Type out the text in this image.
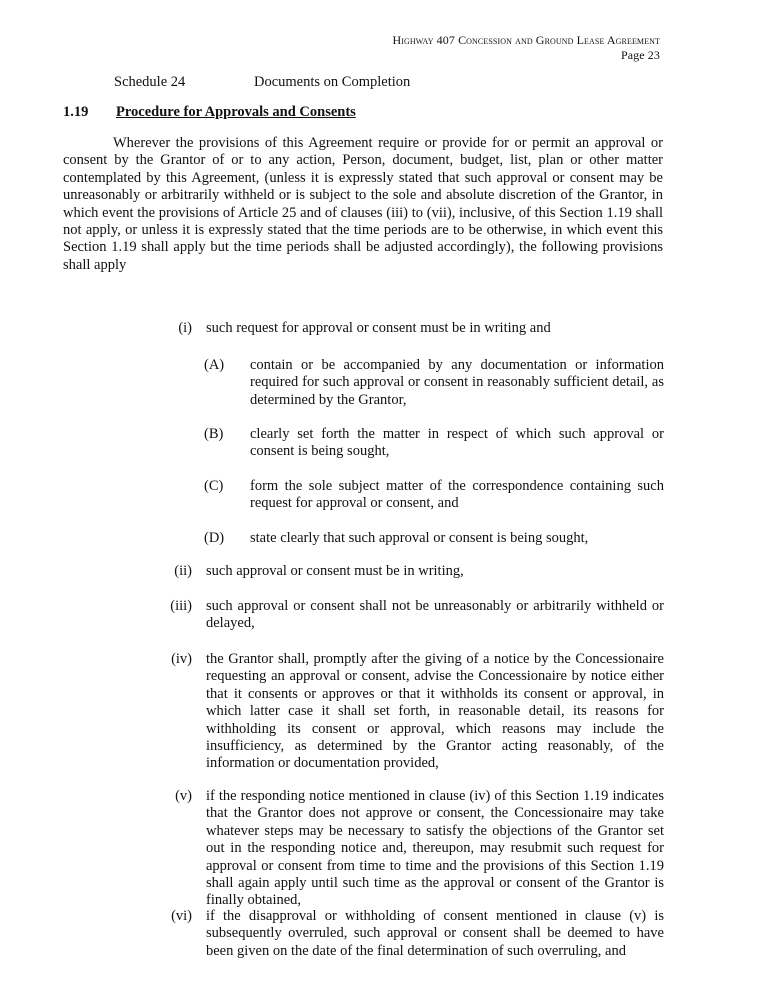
Highway 407 Concession and Ground Lease Agreement
Page 23
Schedule 24	Documents on Completion
1.19 Procedure for Approvals and Consents

Wherever the provisions of this Agreement require or provide for or permit an approval or consent by the Grantor of or to any action, Person, document, budget, list, plan or other matter contemplated by this Agreement, (unless it is expressly stated that such approval or consent may be unreasonably or arbitrarily withheld or is subject to the sole and absolute discretion of the Grantor, in which event the provisions of Article 25 and of clauses (iii) to (vii), inclusive, of this Section 1.19 shall not apply, or unless it is expressly stated that the time periods are to be otherwise, in which event this Section 1.19 shall apply but the time periods shall be adjusted accordingly), the following provisions shall apply

(i) such request for approval or consent must be in writing and
(A)	contain or be accompanied by any documentation or information required for such approval or consent in reasonably sufficient detail, as determined by the Grantor,
(B)	clearly set forth the matter in respect of which such approval or consent is being sought,
(C)	form the sole subject matter of the correspondence containing such request for approval or consent, and
(D)	state clearly that such approval or consent is being sought,
(ii) such approval or consent must be in writing,
(iii) such approval or consent shall not be unreasonably or arbitrarily withheld or delayed,
(iv) the Grantor shall, promptly after the giving of a notice by the Concessionaire requesting an approval or consent, advise the Concessionaire by notice either that it consents or approves or that it withholds its consent or approval, in which latter case it shall set forth, in reasonable detail, its reasons for withholding its consent or approval, which reasons may include the insufficiency, as determined by the Grantor acting reasonably, of the information or documentation provided,
(v) if the responding notice mentioned in clause (iv) of this Section 1.19 indicates that the Grantor does not approve or consent, the Concessionaire may take whatever steps may be necessary to satisfy the objections of the Grantor set out in the responding notice and, thereupon, may resubmit such request for approval or consent from time to time and the provisions of this Section 1.19 shall again apply until such time as the approval or consent of the Grantor is finally obtained,
(vi) if the disapproval or withholding of consent mentioned in clause (v) is subsequently overruled, such approval or consent shall be deemed to have been given on the date of the final determination of such overruling, and
